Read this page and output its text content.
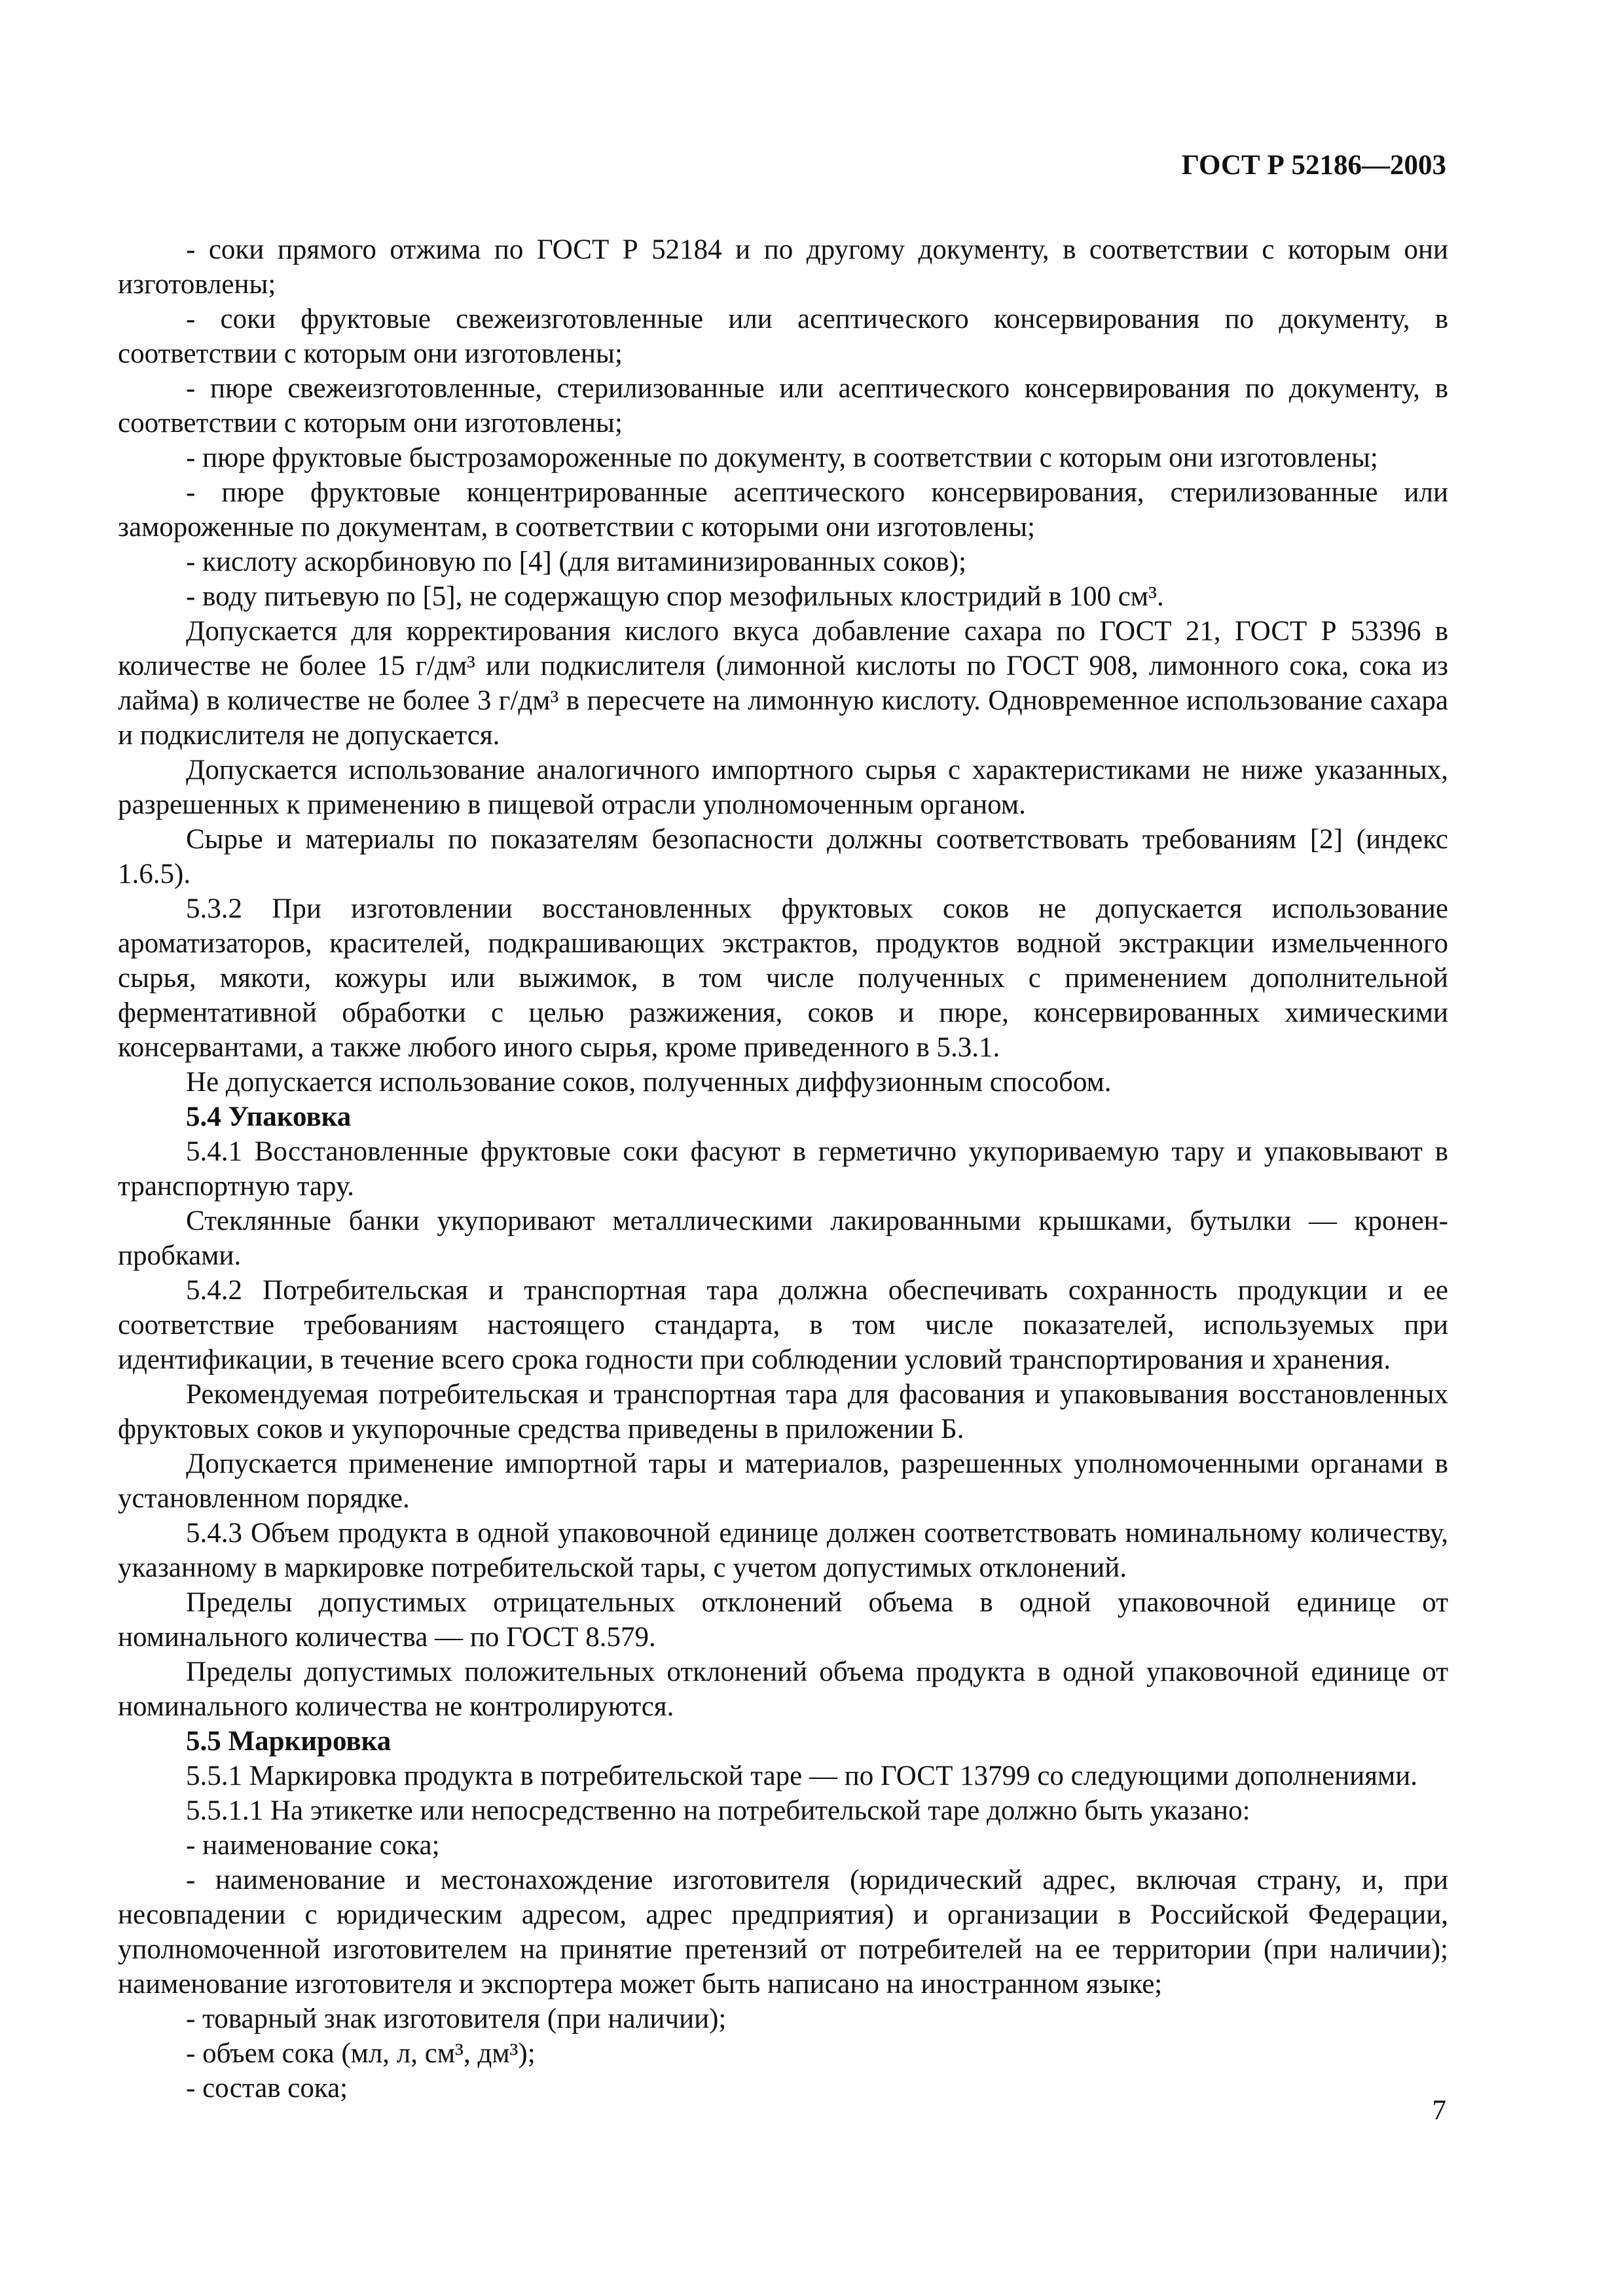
ГОСТ Р 52186—2003

- соки прямого отжима по ГОСТ Р 52184 и по другому документу, в соответствии с которым они изготовлены;

- соки фруктовые свежеизготовленные или асептического консервирования по документу, в соответствии с которым они изготовлены;

- пюре свежеизготовленные, стерилизованные или асептического консервирования по документу, в соответствии с которым они изготовлены;

- пюре фруктовые быстрозамороженные по документу, в соответствии с которым они изготовлены;

- пюре фруктовые концентрированные асептического консервирования, стерилизованные или замороженные по документам, в соответствии с которыми они изготовлены;

- кислоту аскорбиновую по [4] (для витаминизированных соков);

- воду питьевую по [5], не содержащую спор мезофильных клостридий в 100 см³.

Допускается для корректирования кислого вкуса добавление сахара по ГОСТ 21, ГОСТ Р 53396 в количестве не более 15 г/дм³ или подкислителя (лимонной кислоты по ГОСТ 908, лимонного сока, сока из лайма) в количестве не более 3 г/дм³ в пересчете на лимонную кислоту. Одновременное использование сахара и подкислителя не допускается.

Допускается использование аналогичного импортного сырья с характеристиками не ниже указанных, разрешенных к применению в пищевой отрасли уполномоченным органом.

Сырье и материалы по показателям безопасности должны соответствовать требованиям [2] (индекс 1.6.5).

5.3.2 При изготовлении восстановленных фруктовых соков не допускается использование ароматизаторов, красителей, подкрашивающих экстрактов, продуктов водной экстракции измельченного сырья, мякоти, кожуры или выжимок, в том числе полученных с применением дополнительной ферментативной обработки с целью разжижения, соков и пюре, консервированных химическими консервантами, а также любого иного сырья, кроме приведенного в 5.3.1.

Не допускается использование соков, полученных диффузионным способом.

5.4 Упаковка

5.4.1 Восстановленные фруктовые соки фасуют в герметично укупориваемую тару и упаковывают в транспортную тару.

Стеклянные банки укупоривают металлическими лакированными крышками, бутылки — кроненпробками.

5.4.2 Потребительская и транспортная тара должна обеспечивать сохранность продукции и ее соответствие требованиям настоящего стандарта, в том числе показателей, используемых при идентификации, в течение всего срока годности при соблюдении условий транспортирования и хранения.

Рекомендуемая потребительская и транспортная тара для фасования и упаковывания восстановленных фруктовых соков и укупорочные средства приведены в приложении Б.

Допускается применение импортной тары и материалов, разрешенных уполномоченными органами в установленном порядке.

5.4.3 Объем продукта в одной упаковочной единице должен соответствовать номинальному количеству, указанному в маркировке потребительской тары, с учетом допустимых отклонений.

Пределы допустимых отрицательных отклонений объема в одной упаковочной единице от номинального количества — по ГОСТ 8.579.

Пределы допустимых положительных отклонений объема продукта в одной упаковочной единице от номинального количества не контролируются.

5.5 Маркировка

5.5.1 Маркировка продукта в потребительской таре — по ГОСТ 13799 со следующими дополнениями.

5.5.1.1 На этикетке или непосредственно на потребительской таре должно быть указано:

- наименование сока;

- наименование и местонахождение изготовителя (юридический адрес, включая страну, и, при несовпадении с юридическим адресом, адрес предприятия) и организации в Российской Федерации, уполномоченной изготовителем на принятие претензий от потребителей на ее территории (при наличии); наименование изготовителя и экспортера может быть написано на иностранном языке;

- товарный знак изготовителя (при наличии);

- объем сока (мл, л, см³, дм³);

- состав сока;

7
